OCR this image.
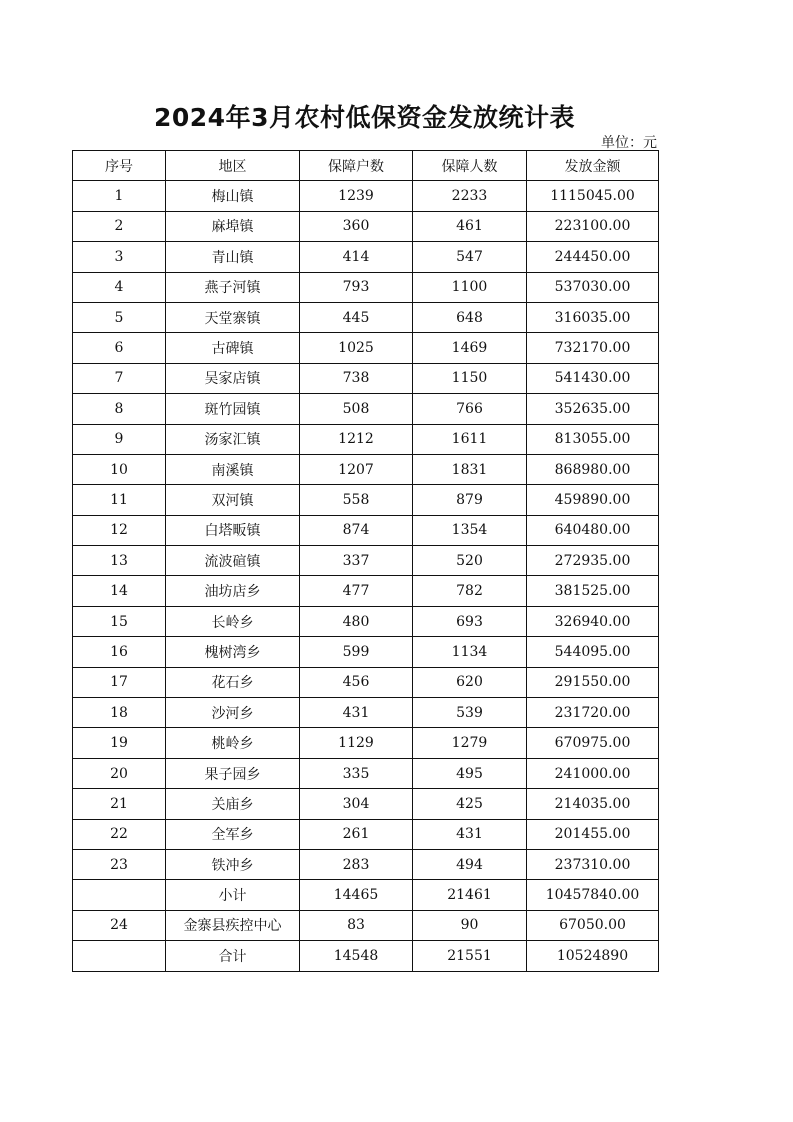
2024年3月农村低保资金发放统计表
单位：元
序号	地区	保障户数	保障人数	发放金额
1	梅山镇	1239	2233	1115045.00
2	麻埠镇	360	461	223100.00
3	青山镇	414	547	244450.00
4	燕子河镇	793	1100	537030.00
5	天堂寨镇	445	648	316035.00
6	古碑镇	1025	1469	732170.00
7	吴家店镇	738	1150	541430.00
8	斑竹园镇	508	766	352635.00
9	汤家汇镇	1212	1611	813055.00
10	南溪镇	1207	1831	868980.00
11	双河镇	558	879	459890.00
12	白塔畈镇	874	1354	640480.00
13	流波碹镇	337	520	272935.00
14	油坊店乡	477	782	381525.00
15	长岭乡	480	693	326940.00
16	槐树湾乡	599	1134	544095.00
17	花石乡	456	620	291550.00
18	沙河乡	431	539	231720.00
19	桃岭乡	1129	1279	670975.00
20	果子园乡	335	495	241000.00
21	关庙乡	304	425	214035.00
22	全军乡	261	431	201455.00
23	铁冲乡	283	494	237310.00
	小计	14465	21461	10457840.00
24	金寨县疾控中心	83	90	67050.00
	合计	14548	21551	10524890
